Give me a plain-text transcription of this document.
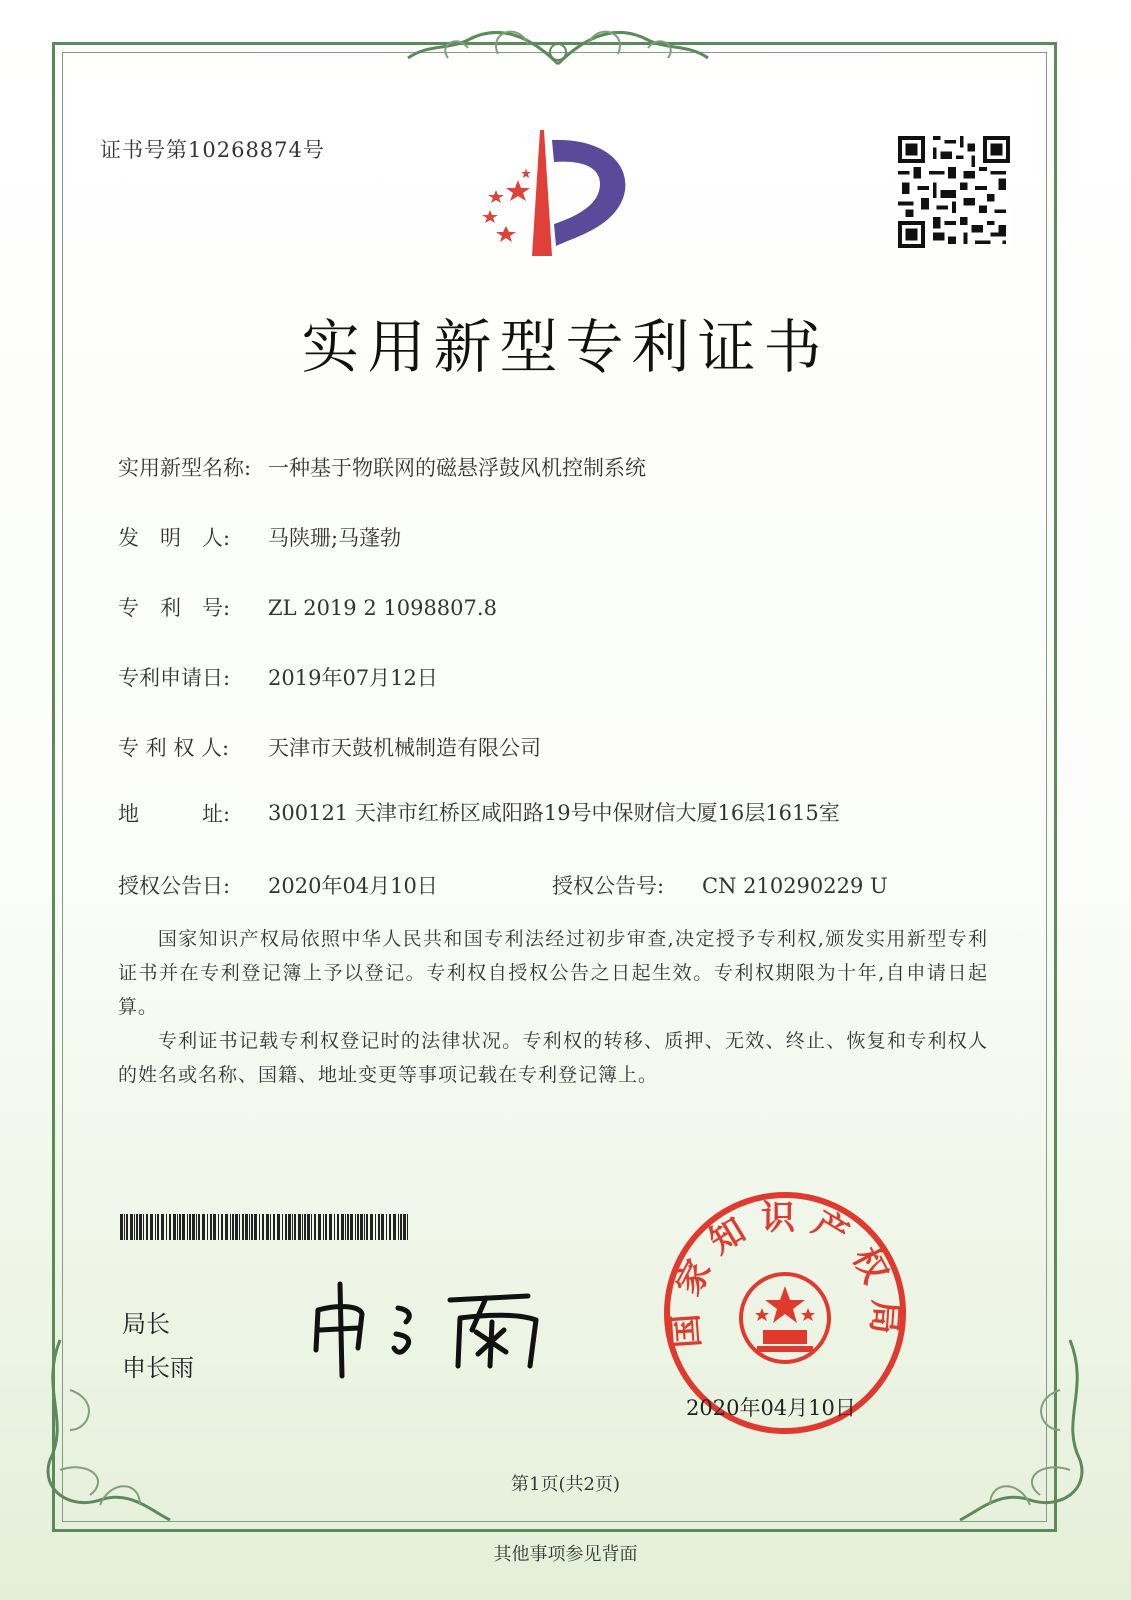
证书号第10268874号
实用新型专利证书
实用新型名称: 一种基于物联网的磁悬浮鼓风机控制系统
发　明　人: 马陕珊;马蓬勃
专　利　号: ZL 2019 2 1098807.8
专利申请日: 2019年07月12日
专 利 权 人: 天津市天鼓机械制造有限公司
地　　　址: 300121 天津市红桥区咸阳路19号中保财信大厦16层1615室
授权公告日: 2020年04月10日	授权公告号: CN 210290229 U
国家知识产权局依照中华人民共和国专利法经过初步审查,决定授予专利权,颁发实用新型专利证书并在专利登记簿上予以登记。专利权自授权公告之日起生效。专利权期限为十年,自申请日起算。
专利证书记载专利权登记时的法律状况。专利权的转移、质押、无效、终止、恢复和专利权人的姓名或名称、国籍、地址变更等事项记载在专利登记簿上。
局长
申长雨
国家知识产权局
2020年04月10日
第1页(共2页)
其他事项参见背面
